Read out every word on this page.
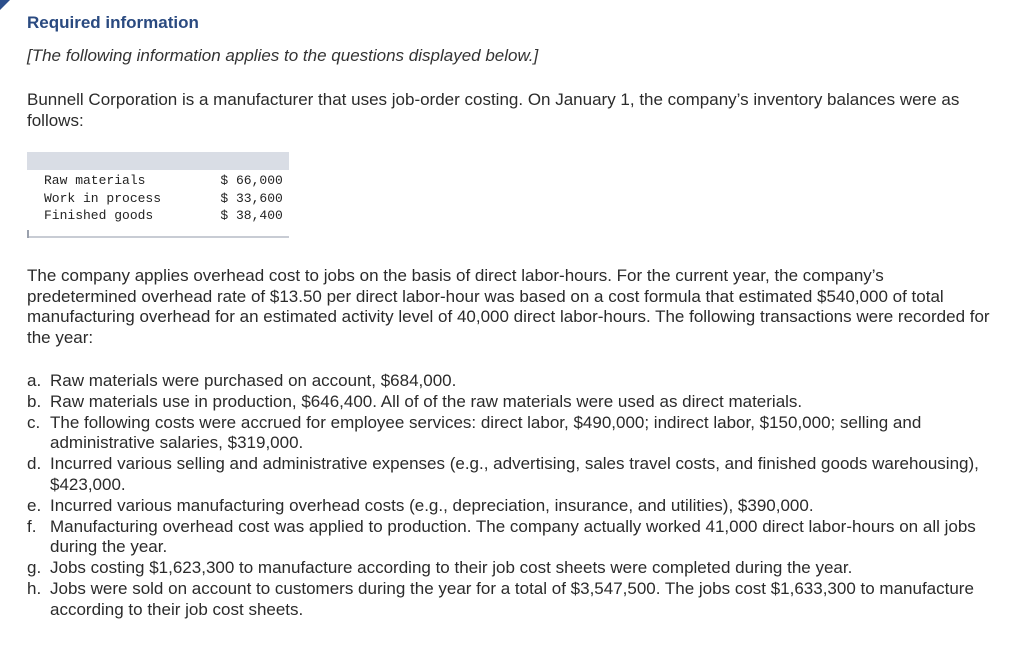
Required information
[The following information applies to the questions displayed below.]
Bunnell Corporation is a manufacturer that uses job-order costing. On January 1, the company’s inventory balances were as follows:
Raw materials	$ 66,000
Work in process	$ 33,600
Finished goods	$ 38,400
The company applies overhead cost to jobs on the basis of direct labor-hours. For the current year, the company’s predetermined overhead rate of $13.50 per direct labor-hour was based on a cost formula that estimated $540,000 of total manufacturing overhead for an estimated activity level of 40,000 direct labor-hours. The following transactions were recorded for the year:
a. Raw materials were purchased on account, $684,000.
b. Raw materials use in production, $646,400. All of of the raw materials were used as direct materials.
c. The following costs were accrued for employee services: direct labor, $490,000; indirect labor, $150,000; selling and administrative salaries, $319,000.
d. Incurred various selling and administrative expenses (e.g., advertising, sales travel costs, and finished goods warehousing), $423,000.
e. Incurred various manufacturing overhead costs (e.g., depreciation, insurance, and utilities), $390,000.
f. Manufacturing overhead cost was applied to production. The company actually worked 41,000 direct labor-hours on all jobs during the year.
g. Jobs costing $1,623,300 to manufacture according to their job cost sheets were completed during the year.
h. Jobs were sold on account to customers during the year for a total of $3,547,500. The jobs cost $1,633,300 to manufacture according to their job cost sheets.
